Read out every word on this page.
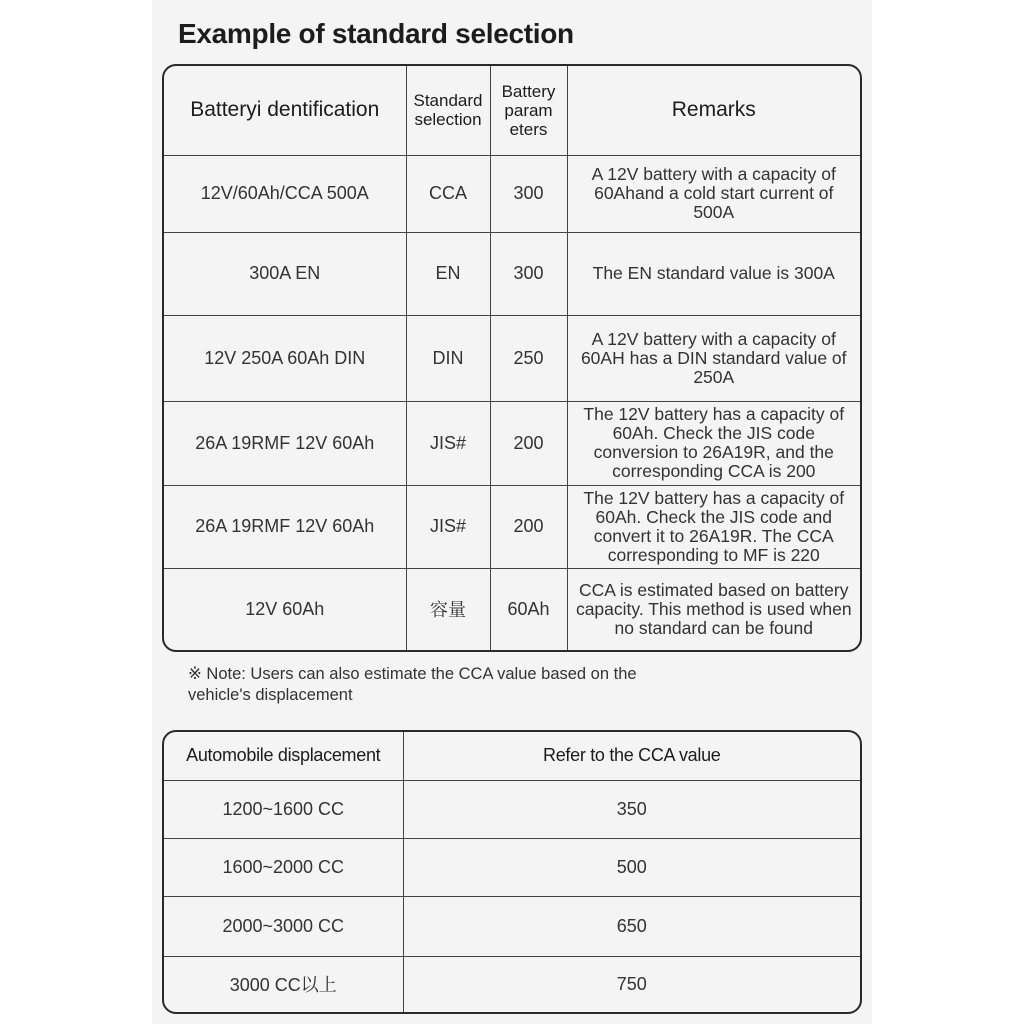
Example of standard selection
Batteryi dentification	Standard selection	Battery param eters	Remarks
12V/60Ah/CCA 500A	CCA	300	A 12V battery with a capacity of 60Ahand a cold start current of 500A
300A EN	EN	300	The EN standard value is 300A
12V 250A 60Ah DIN	DIN	250	A 12V battery with a capacity of 60AH has a DIN standard value of 250A
26A 19RMF 12V 60Ah	JIS#	200	The 12V battery has a capacity of 60Ah. Check the JIS code conversion to 26A19R, and the corresponding CCA is 200
26A 19RMF 12V 60Ah	JIS#	200	The 12V battery has a capacity of 60Ah. Check the JIS code and convert it to 26A19R. The CCA corresponding to MF is 220
12V 60Ah	容量	60Ah	CCA is estimated based on battery capacity. This method is used when no standard can be found
※ Note: Users can also estimate the CCA value based on the vehicle's displacement
Automobile displacement	Refer to the CCA value
1200~1600 CC	350
1600~2000 CC	500
2000~3000 CC	650
3000 CC以上	750
